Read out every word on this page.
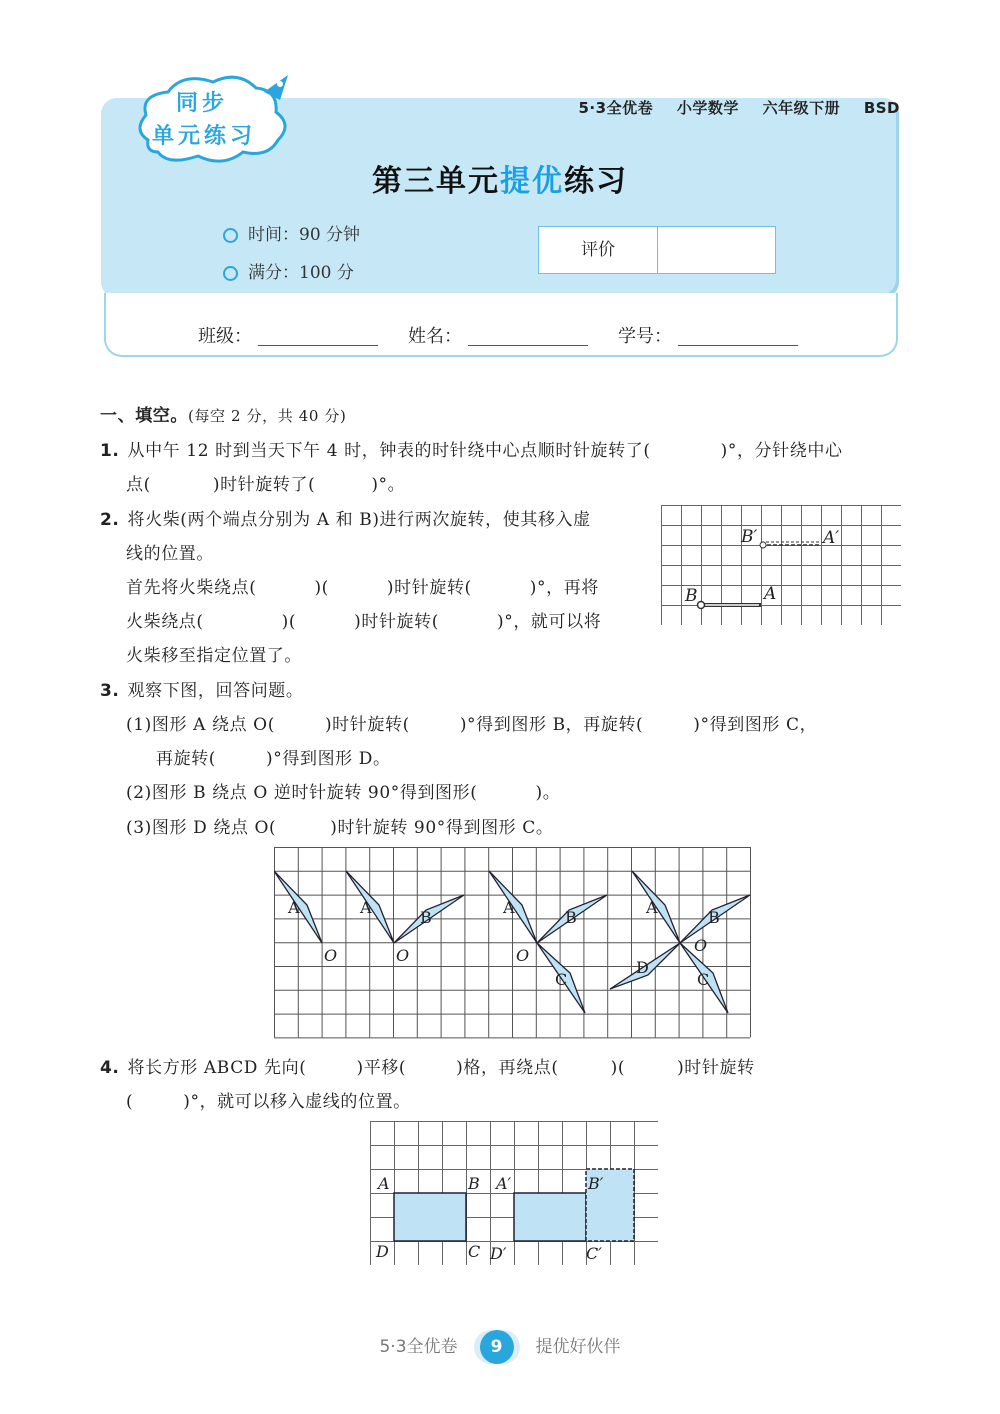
同步
单元练习
5·3全优卷 小学数学 六年级下册 BSD
第三单元提优练习
时间：90 分钟
满分：100 分
评价
班级：	姓名：	学号：
一、填空。(每空 2 分，共 40 分)
1. 从中午 12 时到当天下午 4 时，钟表的时针绕中心点顺时针旋转了(	)°，分针绕中心
点(	)时针旋转了(	)°。
2. 将火柴(两个端点分别为 A 和 B)进行两次旋转，使其移入虚
线的位置。
首先将火柴绕点(	)(	)时针旋转(	)°，再将
火柴绕点(	)(	)时针旋转(	)°，就可以将
火柴移至指定位置了。
B′	A′
B	A
3. 观察下图，回答问题。
(1)图形 A 绕点 O(	)时针旋转(	)°得到图形 B，再旋转(	)°得到图形 C，
再旋转(	)°得到图形 D。
(2)图形 B 绕点 O 逆时针旋转 90°得到图形(	)。
(3)图形 D 绕点 O(	)时针旋转 90°得到图形 C。
A
O
A
B
O
A
B
O
C
A
B
O
C
D
4. 将长方形 ABCD 先向(	)平移(	)格，再绕点(	)(	)时针旋转
(	)°，就可以移入虚线的位置。
A	B
D	C
A′	B′
D′	C′
5·3全优卷 9 提优好伙伴
